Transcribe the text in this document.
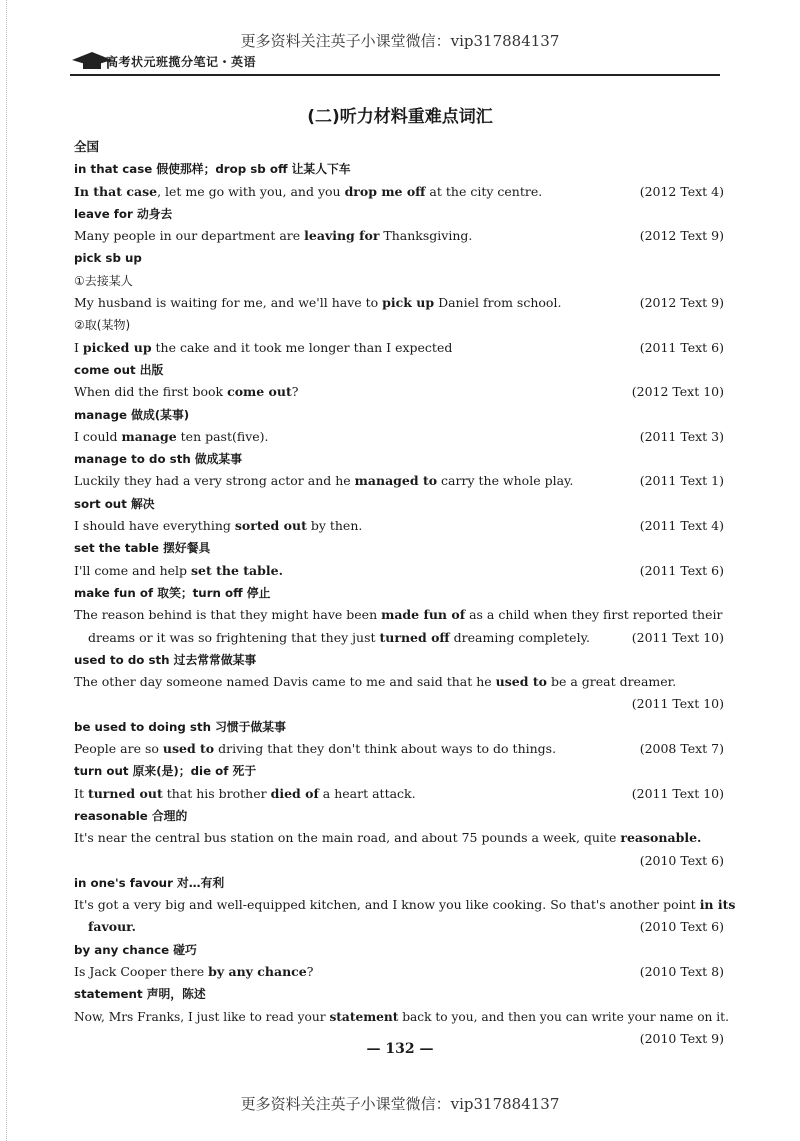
更多资料关注英子小课堂微信：vip317884137
高考状元班揽分笔记・英语
(二)听力材料重难点词汇
全国
in that case 假使那样；drop sb off 让某人下车
In that case, let me go with you, and you drop me off at the city centre.	(2012 Text 4)
leave for 动身去
Many people in our department are leaving for Thanksgiving.	(2012 Text 9)
pick sb up
①去接某人
My husband is waiting for me, and we'll have to pick up Daniel from school.	(2012 Text 9)
②取(某物)
I picked up the cake and it took me longer than I expected	(2011 Text 6)
come out 出版
When did the first book come out?	(2012 Text 10)
manage 做成(某事)
I could manage ten past(five).	(2011 Text 3)
manage to do sth 做成某事
Luckily they had a very strong actor and he managed to carry the whole play.	(2011 Text 1)
sort out 解决
I should have everything sorted out by then.	(2011 Text 4)
set the table 摆好餐具
I'll come and help set the table.	(2011 Text 6)
make fun of 取笑；turn off 停止
The reason behind is that they might have been made fun of as a child when they first reported their
dreams or it was so frightening that they just turned off dreaming completely.	(2011 Text 10)
used to do sth 过去常常做某事
The other day someone named Davis came to me and said that he used to be a great dreamer.
(2011 Text 10)
be used to doing sth 习惯于做某事
People are so used to driving that they don't think about ways to do things.	(2008 Text 7)
turn out 原来(是)；die of 死于
It turned out that his brother died of a heart attack.	(2011 Text 10)
reasonable 合理的
It's near the central bus station on the main road, and about 75 pounds a week, quite reasonable.
(2010 Text 6)
in one's favour 对…有利
It's got a very big and well-equipped kitchen, and I know you like cooking. So that's another point in its
favour.	(2010 Text 6)
by any chance 碰巧
Is Jack Cooper there by any chance?	(2010 Text 8)
statement 声明，陈述
Now, Mrs Franks, I just like to read your statement back to you, and then you can write your name on it.
(2010 Text 9)
— 132 —
更多资料关注英子小课堂微信：vip317884137
